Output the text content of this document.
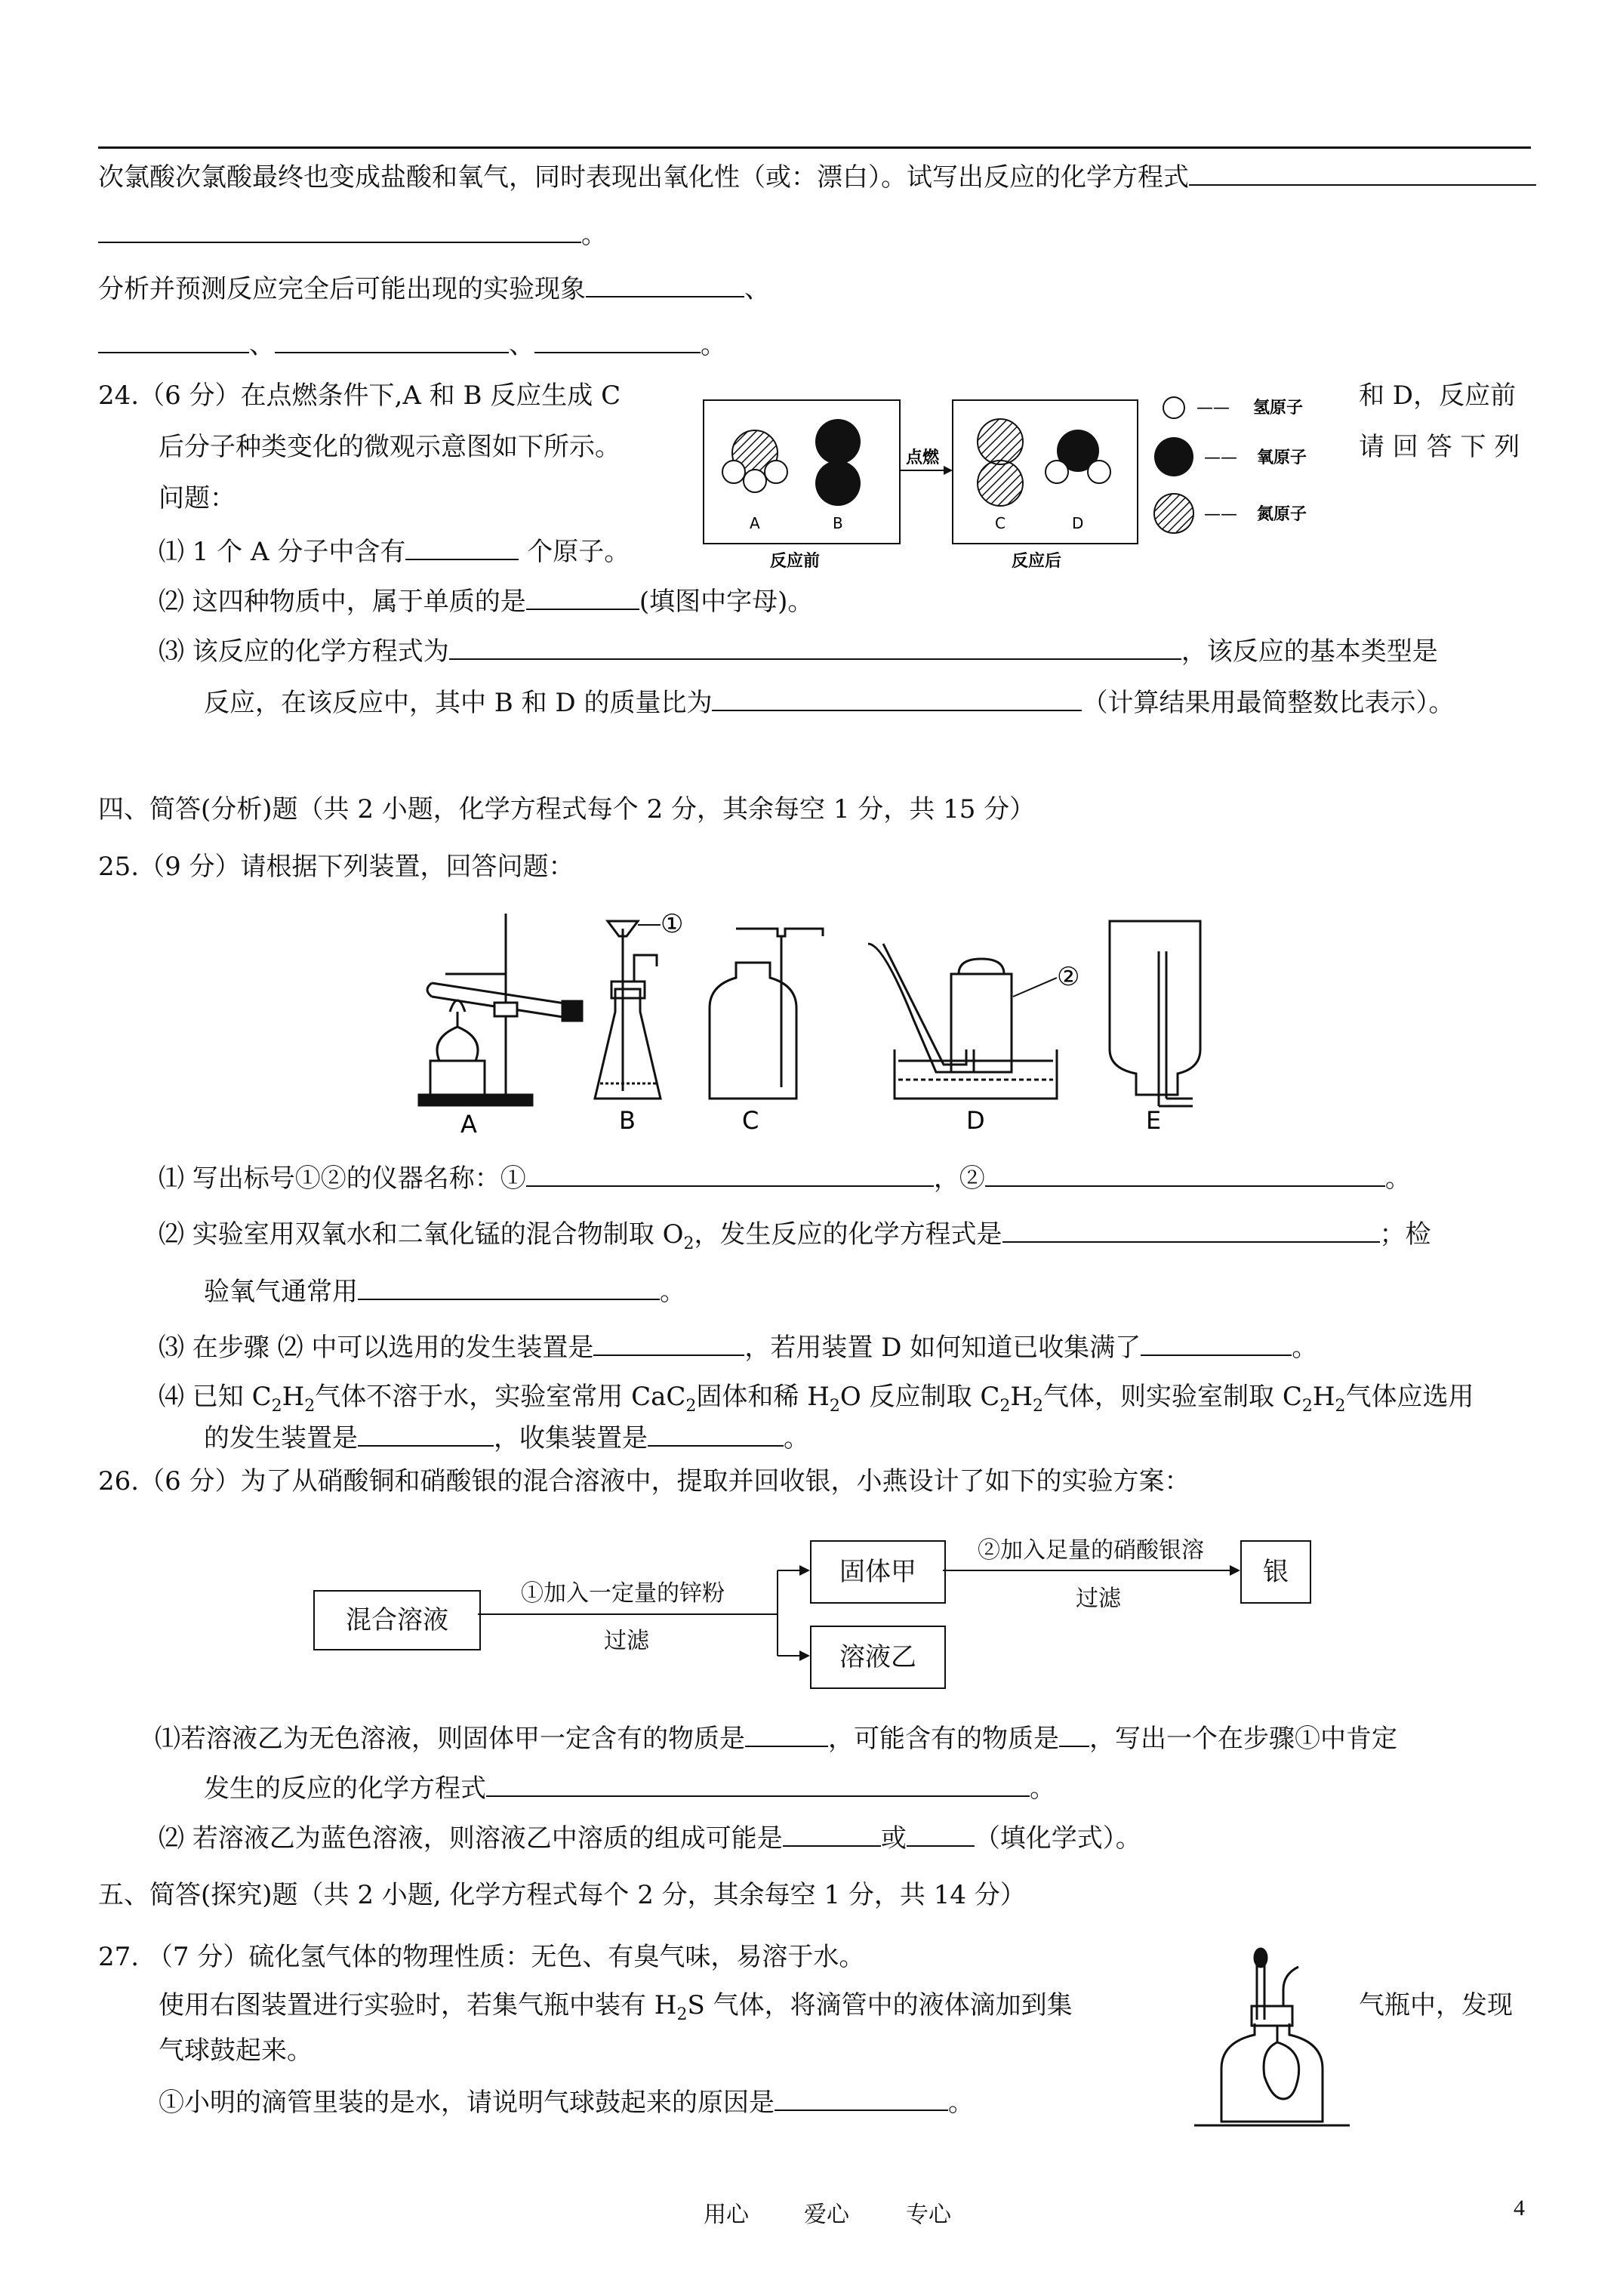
次氯酸次氯酸最终也变成盐酸和氧气，同时表现出氧化性（或：漂白）。试写出反应的化学方程式
。
分析并预测反应完全后可能出现的实验现象	、
、	、	。
24.（6 分）在点燃条件下,A 和 B 反应生成 C	和 D，反应前
后分子种类变化的微观示意图如下所示。	请 回 答 下 列
问题：
⑴ 1 个 A 分子中含有	个原子。
A	B
点燃
C	D
反应前	反应后
—— 氢原子
—— 氧原子
—— 氮原子
⑵ 这四种物质中，属于单质的是	(填图中字母)。
⑶ 该反应的化学方程式为	，该反应的基本类型是
反应，在该反应中，其中 B 和 D 的质量比为	（计算结果用最简整数比表示）。
四、简答(分析)题（共 2 小题，化学方程式每个 2 分，其余每空 1 分，共 15 分）
25.（9 分）请根据下列装置，回答问题：
A
①
B	C
②
D	E
⑴ 写出标号①②的仪器名称：①	，②	。
⑵ 实验室用双氧水和二氧化锰的混合物制取 $O_2$，发生反应的化学方程式是	；检
验氧气通常用	。
⑶ 在步骤 ⑵ 中可以选用的发生装置是	，若用装置 D 如何知道已收集满了	。
⑷ 已知 $C_2H_2$气体不溶于水，实验室常用 CaC$_2$固体和稀 $H_2O$ 反应制取 $C_2H_2$气体，则实验室制取 $C_2H_2$气体应选用
的发生装置是	，收集装置是	。
26.（6 分）为了从硝酸铜和硝酸银的混合溶液中，提取并回收银，小燕设计了如下的实验方案：
混合溶液
固体甲
溶液乙
银
①加入一定量的锌粉
过滤
②加入足量的硝酸银溶
过滤
⑴若溶液乙为无色溶液，则固体甲一定含有的物质是	，可能含有的物质是 ，写出一个在步骤①中肯定
发生的反应的化学方程式	。
⑵ 若溶液乙为蓝色溶液，则溶液乙中溶质的组成可能是	或	（填化学式）。
五、简答(探究)题（共 2 小题, 化学方程式每个 2 分，其余每空 1 分，共 14 分）
27. （7 分）硫化氢气体的物理性质：无色、有臭气味，易溶于水。
使用右图装置进行实验时，若集气瓶中装有 $H_2S$ 气体，将滴管中的液体滴加到集	气瓶中，发现
气球鼓起来。
①小明的滴管里装的是水，请说明气球鼓起来的原因是	。
用心 爱心	专心	4
